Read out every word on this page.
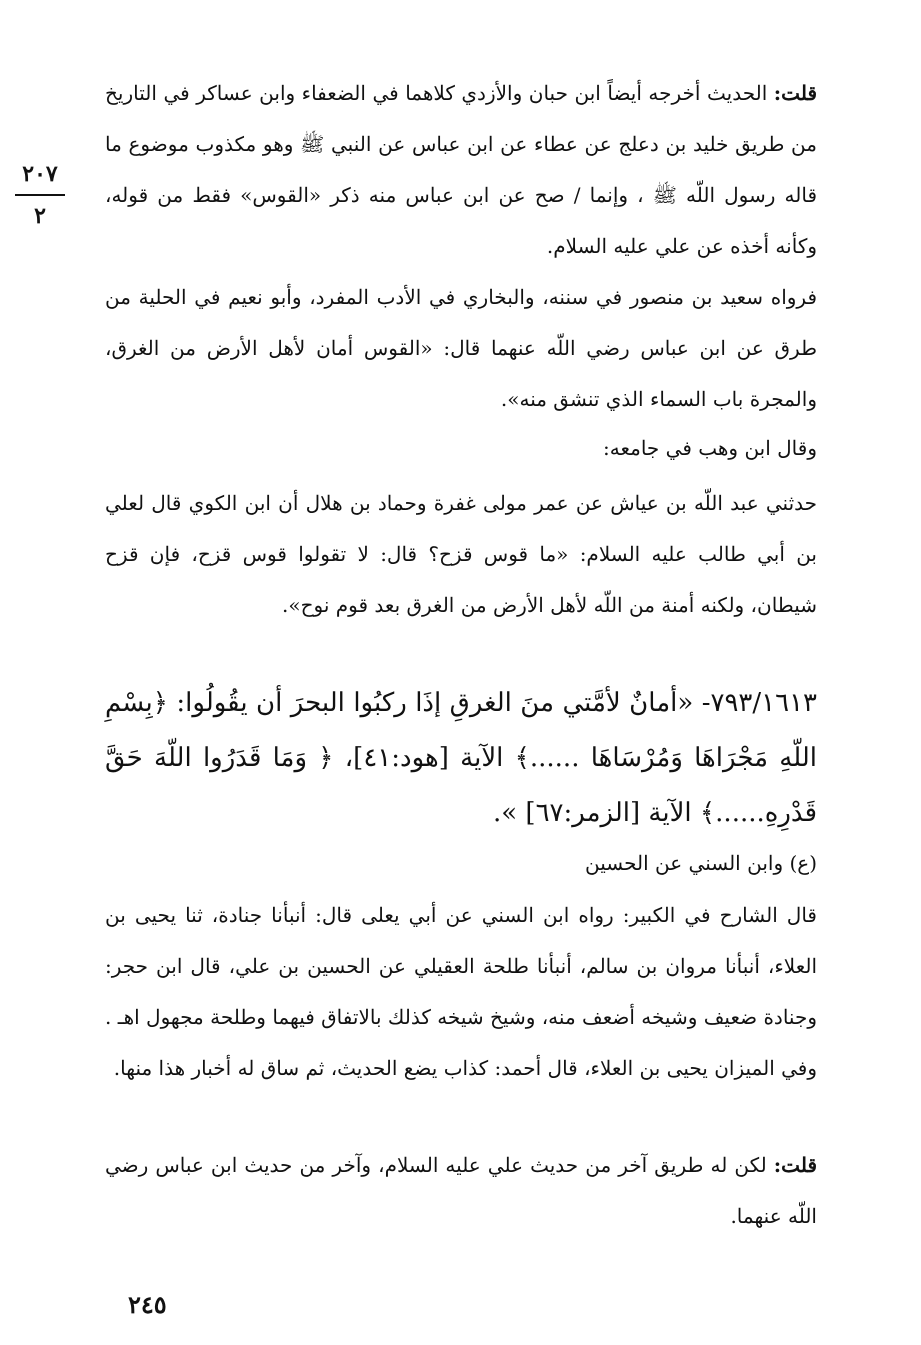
٢٠٧
٢

قلت: الحديث أخرجه أيضاً ابن حبان والأزدي كلاهما في الضعفاء وابن عساكر في التاريخ من طريق خليد بن دعلج عن عطاء عن ابن عباس عن النبي ﷺ وهو مكذوب موضوع ما قاله رسول اللّه ﷺ ، وإنما / صح عن ابن عباس منه ذكر «القوس» فقط من قوله، وكأنه أخذه عن علي عليه السلام.

فرواه سعيد بن منصور في سننه، والبخاري في الأدب المفرد، وأبو نعيم في الحلية من طرق عن ابن عباس رضي اللّه عنهما قال: «القوس أمان لأهل الأرض من الغرق، والمجرة باب السماء الذي تنشق منه».

وقال ابن وهب في جامعه:

حدثني عبد اللّه بن عياش عن عمر مولى غفرة وحماد بن هلال أن ابن الكوي قال لعلي بن أبي طالب عليه السلام: «ما قوس قزح؟ قال: لا تقولوا قوس قزح، فإن قزح شيطان، ولكنه أمنة من اللّه لأهل الأرض من الغرق بعد قوم نوح».

٧٩٣/١٦١٣- «أمانٌ لأمَّتي منَ الغرقِ إذَا ركبُوا البحرَ أن يقُولُوا: ﴿بِسْمِ اللّهِ مَجْرَاهَا وَمُرْسَاهَا ......﴾ الآية [هود:٤١]، ﴿ وَمَا قَدَرُوا اللّهَ حَقَّ قَدْرِهِ......﴾ الآية [الزمر:٦٧] ».

(ع) وابن السني عن الحسين

قال الشارح في الكبير: رواه ابن السني عن أبي يعلى قال: أنبأنا جنادة، ثنا يحيى بن العلاء، أنبأنا مروان بن سالم، أنبأنا طلحة العقيلي عن الحسين بن علي، قال ابن حجر: وجنادة ضعيف وشيخه أضعف منه، وشيخ شيخه كذلك بالاتفاق فيهما وطلحة مجهول اهـ . وفي الميزان يحيى بن العلاء، قال أحمد: كذاب يضع الحديث، ثم ساق له أخبار هذا منها.

قلت: لكن له طريق آخر من حديث علي عليه السلام، وآخر من حديث ابن عباس رضي اللّه عنهما.

٢٤٥
